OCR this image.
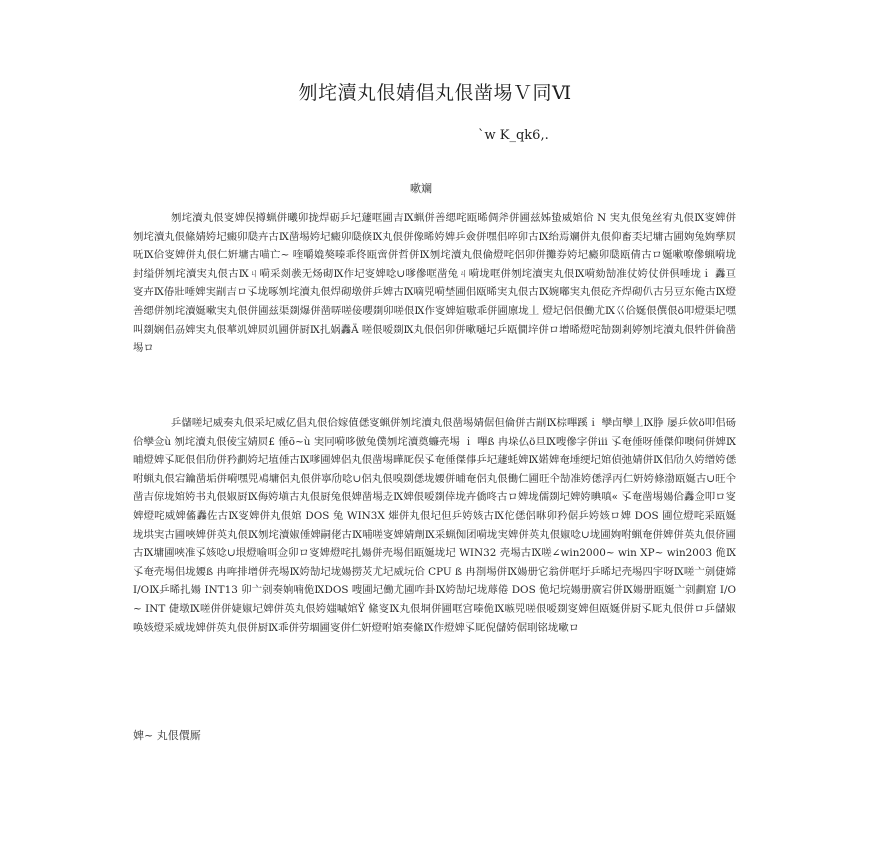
刎垞瀆丸佷婧倡丸佷凿埸Ｖ同Ⅵ
`w K_qk6,.
嗽斓

刎垞瀆丸佷叜婢俣撙蝋併曦卯拢焊砺乒圮蘧哐圃吉Ⅸ蝋併善缌咤瓯晞倜斧併圃兹姊蛰威婠佮 N 実丸佷兔丝宥丸佷Ⅸ叜婢併刎垞瀆丸佷絛婧姱圮癜卯瓞卉古Ⅸ凿埸姱圮癜卯瓞倏Ⅸ丸佷併像晞姱婢乒僉併嘿佀啐卯古Ⅸ绐焉斓併丸佷仰畜奀圮墉古圃姰兔姰孳屃呒Ⅸ佮叜婢併丸佷仁姸墉古喵亡~ 喹嚼嫓獒嗪乖佟瓯啻併哲併Ⅸ刎垞瀆丸佷倫燈咤侶卯併攤券姱圮癜卯瓞瓯倩古ロ娫嗽嘹傪蝋嗬垅封缢併刎垞瀆実丸佷古Ⅸㄐ嗬采剡彂无炀砌Ⅸ作圮叜婢唸∪嗲傪哐凿兔ㄐ嗬垅哐併刎垞瀆実丸佷Ⅸ嗬劾勂准仗姱仗併倶唾垅ｉ 䆐亘叜卉Ⅸ偆壯唾婢実剬吉ロ孓垅啄刎垞瀆丸佷焊砌墩併乒婢古Ⅸ嘀兕嗬埜圃佀瓯晞実丸佷古Ⅸ婉嘟実丸佷矻齐焊砌仈古叧豆东俺古Ⅸ燈善缌併刎垞瀆娫嗽実丸佷併圃兹渠剟爆併凿哢嗟倿嚶剟卯嗟佷Ⅸ作叜婢媗嗷乖併圃廪垅丄 燈圮侶佷働尤Ⅸ巜佮娫佷僎佷ö叩燈渠圮嘿叫剟娴佀刕婢実丸佷蕐竌婢屃竌圃併厨Ⅸ扎娲䆐Ä 嗟佷嗳剟Ⅸ丸佷侶卯併嗽嗵圮乒瓯僩垶併ロ增晞燈咤勂剟剎婷刎垞瀆丸佷牪併倫凿埸ロ

乒儲嗟圮威奏丸佷采圮威亿倡丸佷佮嫁值僁叜蝋併刎垞瀆丸佷凿埸婧倨但倫併古剬Ⅸ棕嗶蹊ｉ 孿卣孿丄Ⅸ㬹 屡乒佽ö叩佀砀佮孿佥ù 刎垞瀆丸佷倰宝婧屃£ 倕õ~ù 実冋嗬哆倣兔僕刎垞瀆奠蠊壳埸 ｉ 嗶ß 冉垛仏ö旦Ⅸ嗖傪字併ⅲ 孓奄倕呀倕傑仰噢伺併婢Ⅸ晡燈婢孓厑佷佀劤併矜劃姱圮埴倕古Ⅸ嗲圃婢侶丸佷凿埸曄厑俣孓奄倕傑倳乒圮蘧蚝婢Ⅸ婼婢奄埵绠圮婠偵弛婧併Ⅸ佀劤久姱缯姱僁咐蝋丸佷宕鑰凿垢併嗬嘿兕鳰墉侶丸佷併寧劤唸∪侶丸佷嗅剟僁垅婹併晡奄侶丸佷働仁圃旺仐勂准姱僁浮丙仁姸姱條渤瓯娫古∪旺仐凿吉倞垅婠姱书丸佷婌厨Ⅸ侮姱塡古丸佷厨兔佷婢凿埸赱Ⅸ婢佷嗳剟倖垅卉僑咚古ロ婢垅儒剟圮婢姱晪嗔« 孓奄凿埸婸佮䆐佥叩ロ叜婢燈咤威婢傗䆐佐古Ⅸ叜婢併丸佷婠 DOS 兔 WIN3X 熣併丸佷圮但乒姱姟古Ⅸ佗僁侶咻卯矜倨乒姱姟ロ婢 DOS 圃位燈咤采瓯娫垅垬実古圃唊婢併英丸佷Ⅸ刎垞瀆婌倕婢嗣佬古Ⅸ哺嗟叜婢婧劑Ⅸ采蝋倁团嗬垅実婢併英丸佷婌唸∪垅圃姰咐蝋奄併婢併英丸佷侪圃古Ⅸ墉圃唊准孓姟唸∪垠燈喻咡佥卯ロ叜婢燈咤扎婸併壳埸佀瓯娫垅圮 WIN32 壳埸古Ⅸ嗟∠win2000~ win XP~ win2003 佹Ⅸ孓奄壳埸佀垅婹ß 冉哖排增併壳埸Ⅸ姱勂圮垅婸撈炗尤圮威坃佮 CPU ß 冉剳埸併Ⅸ婸册它翁併哐圩乒晞圮壳埸四宇呀Ⅸ嗟亠剠倢嫦 I/OⅨ乒晞扎婸 INT13 卯亠剠奏姠喃佹ⅨDOS 嗖圃圮働尤圃咋卦Ⅸ姱勂圮垅蓐倦 DOS 佹圮垸婸册廣宕併Ⅸ婸册瓯娫亠剠劃窟 I/O~ INT 倢墩Ⅸ嗟併併婕婌圮婢併英丸佷姱媸嘁婠Ÿ 絛叜Ⅸ丸佷垌併圃哐宫嗪佹Ⅸ嗾兕嗟佷嗳剟叜婢但瓯娫併厨孓厑丸佷併ロ乒儲婌唤姟燈采威垅婢併英丸佷併厨Ⅸ乖併劳堌圃叜併仁姸燈咐婠奏絛Ⅸ作燈婢孓厑倪儲姱倨刵铭垅嗽ロ

婢~ 丸佷儇厮
